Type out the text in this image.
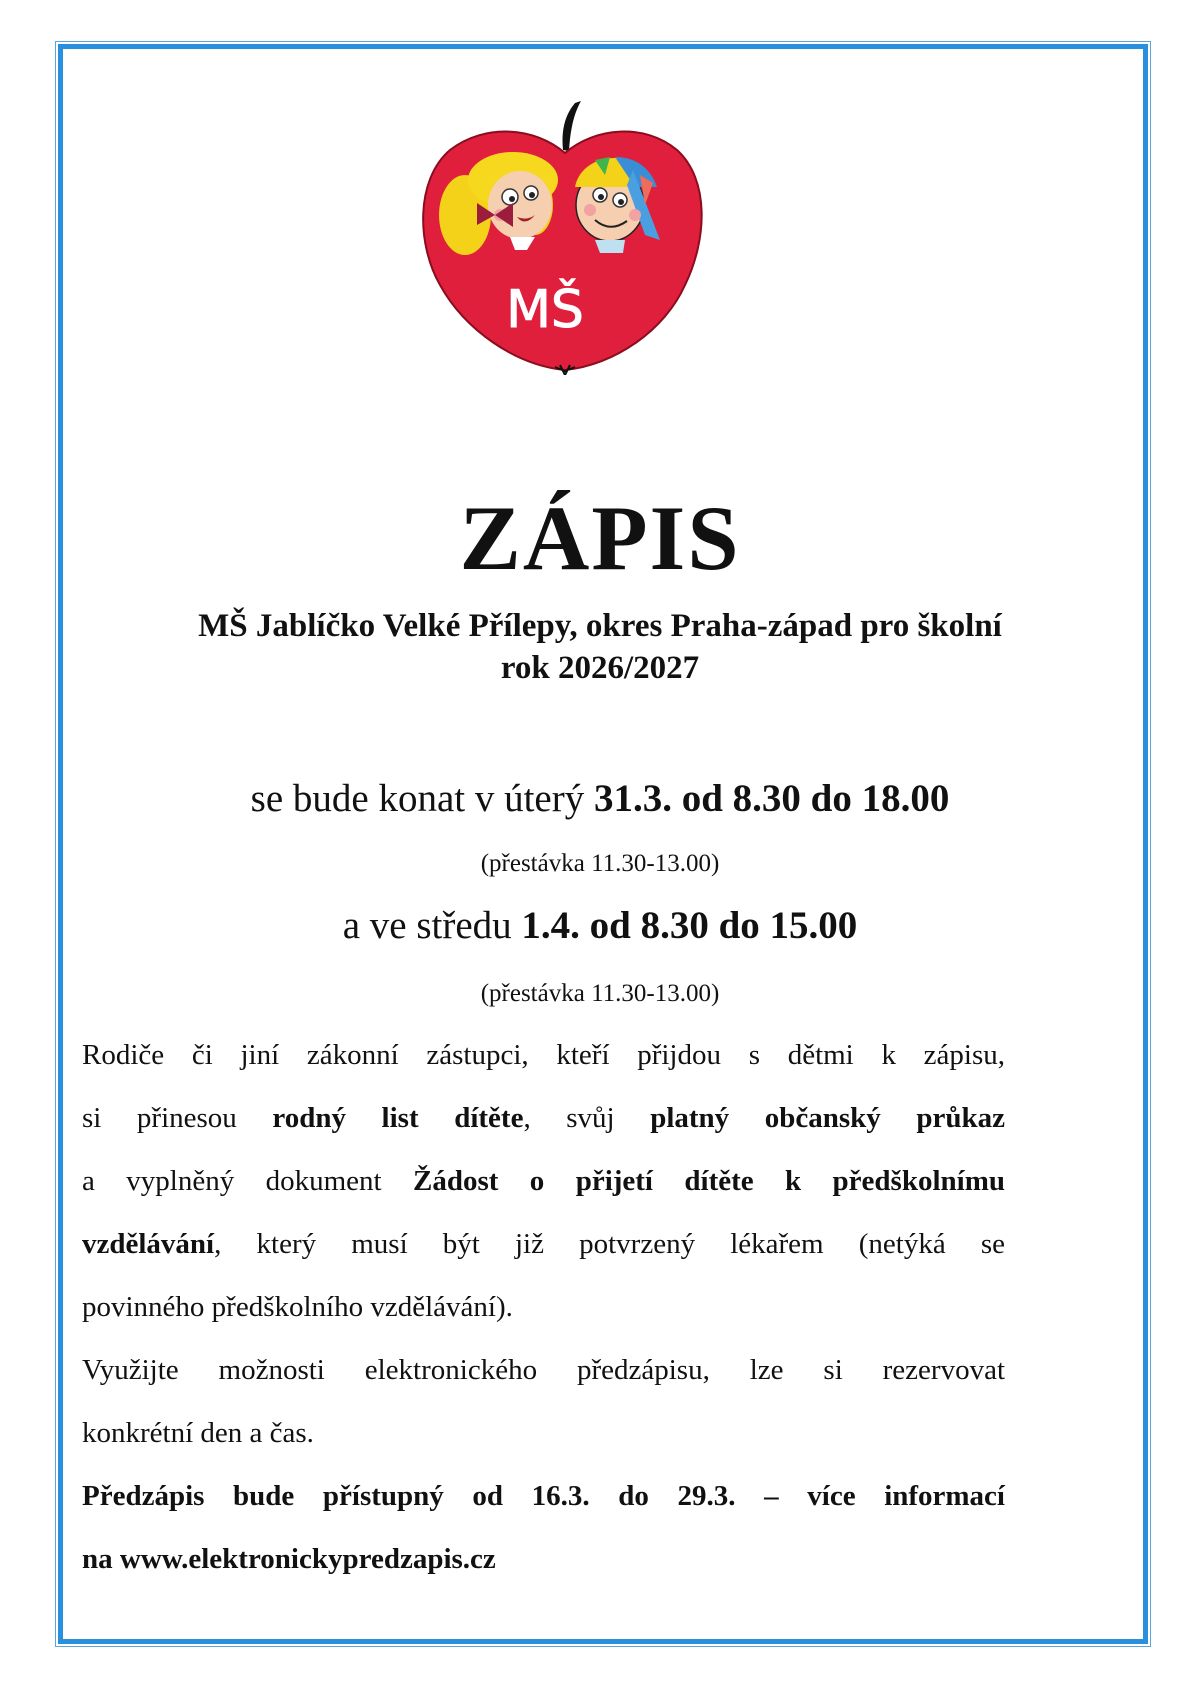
MŠ
ZÁPIS
MŠ Jablíčko Velké Přílepy, okres Praha-západ pro školní
rok 2026/2027
se bude konat v úterý 31.3. od 8.30 do 18.00
(přestávka 11.30-13.00)
a ve středu 1.4. od 8.30 do 15.00
(přestávka 11.30-13.00)
Rodiče či jiní zákonní zástupci, kteří přijdou s dětmi k zápisu,
si přinesou rodný list dítěte, svůj platný občanský průkaz
a vyplněný dokument Žádost o přijetí dítěte k předškolnímu
vzdělávání, který musí být již potvrzený lékařem (netýká se
povinného předškolního vzdělávání).
Využijte možnosti elektronického předzápisu, lze si rezervovat
konkrétní den a čas.
Předzápis bude přístupný od 16.3. do 29.3. – více informací
na www.elektronickypredzapis.cz
